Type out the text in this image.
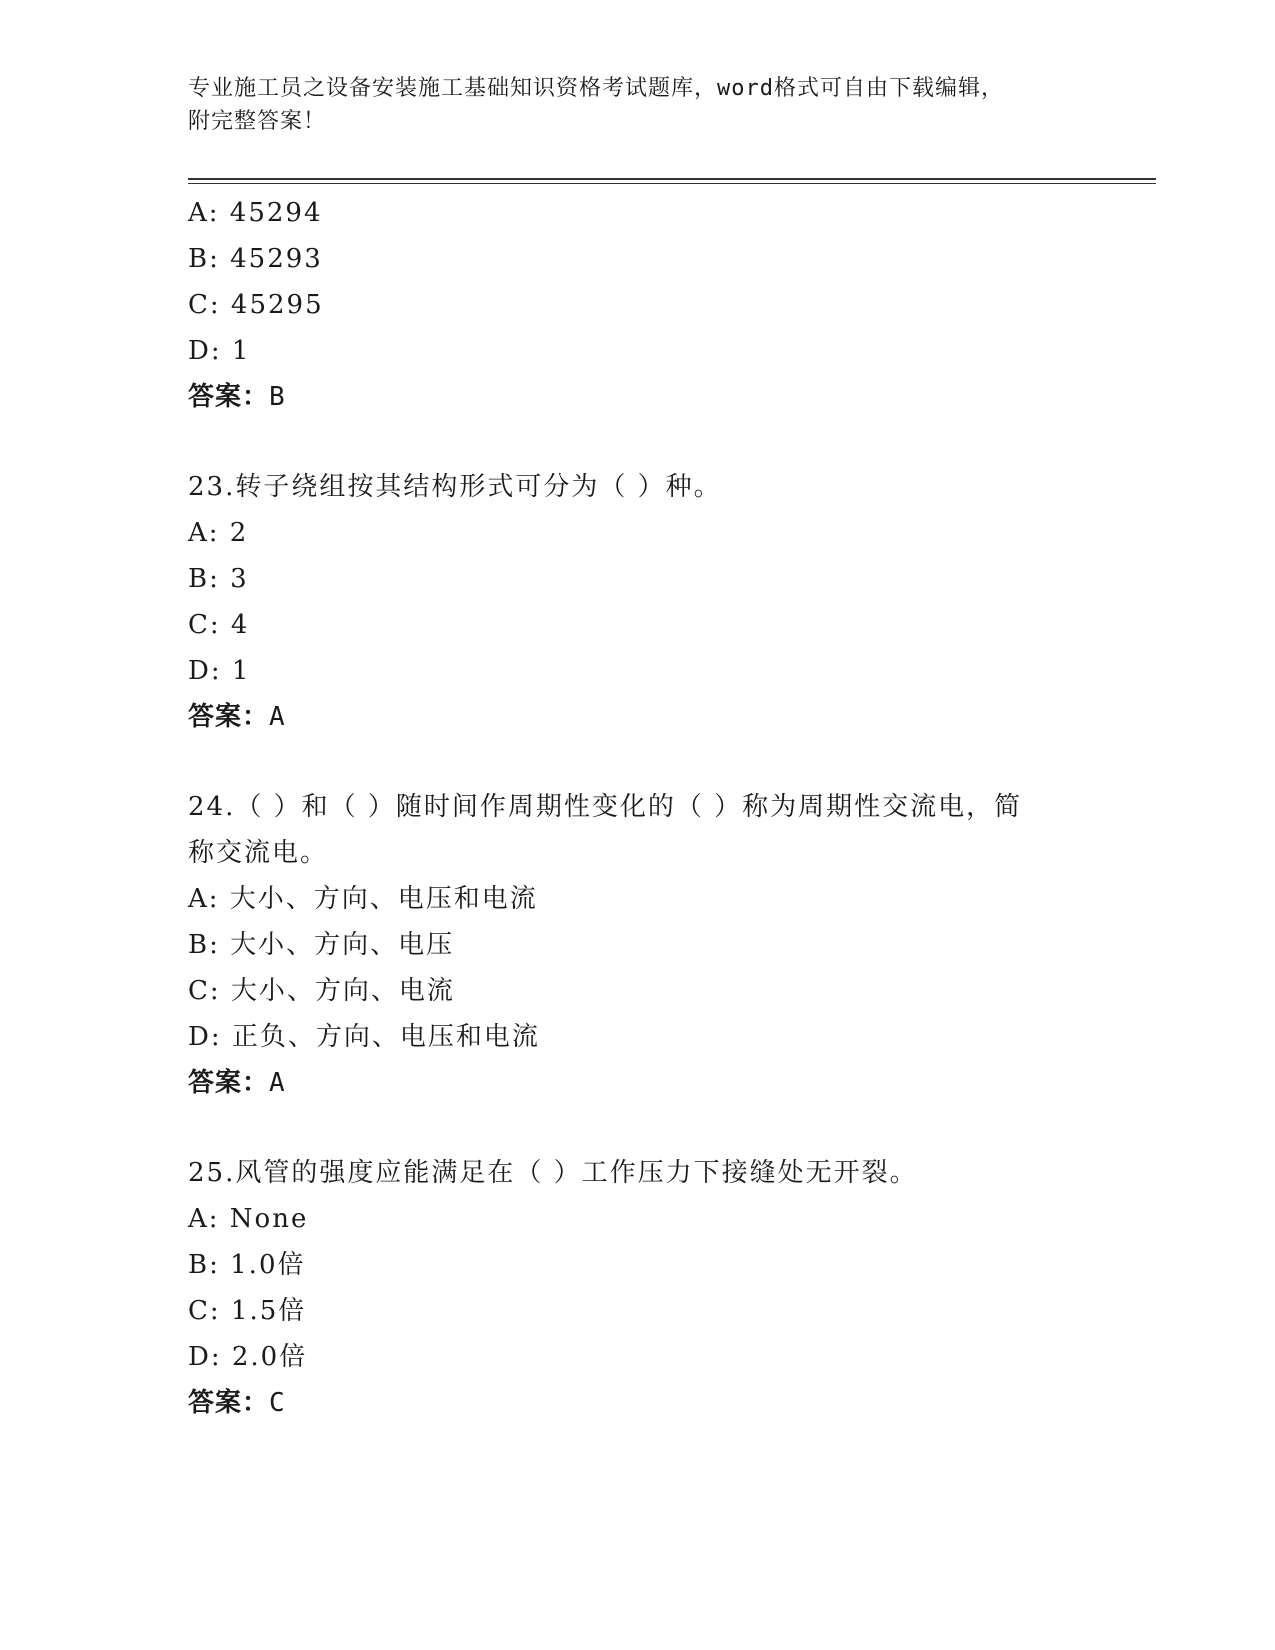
专业施工员之设备安装施工基础知识资格考试题库，word格式可自由下载编辑，
附完整答案！
A: 45294
B: 45293
C: 45295
D: 1
答案：B
23.转子绕组按其结构形式可分为（ ）种。
A: 2
B: 3
C: 4
D: 1
答案：A
24.（ ）和（ ）随时间作周期性变化的（ ）称为周期性交流电，简
称交流电。
A: 大小、方向、电压和电流
B: 大小、方向、电压
C: 大小、方向、电流
D: 正负、方向、电压和电流
答案：A
25.风管的强度应能满足在（ ）工作压力下接缝处无开裂。
A: None
B: 1.0倍
C: 1.5倍
D: 2.0倍
答案：C
